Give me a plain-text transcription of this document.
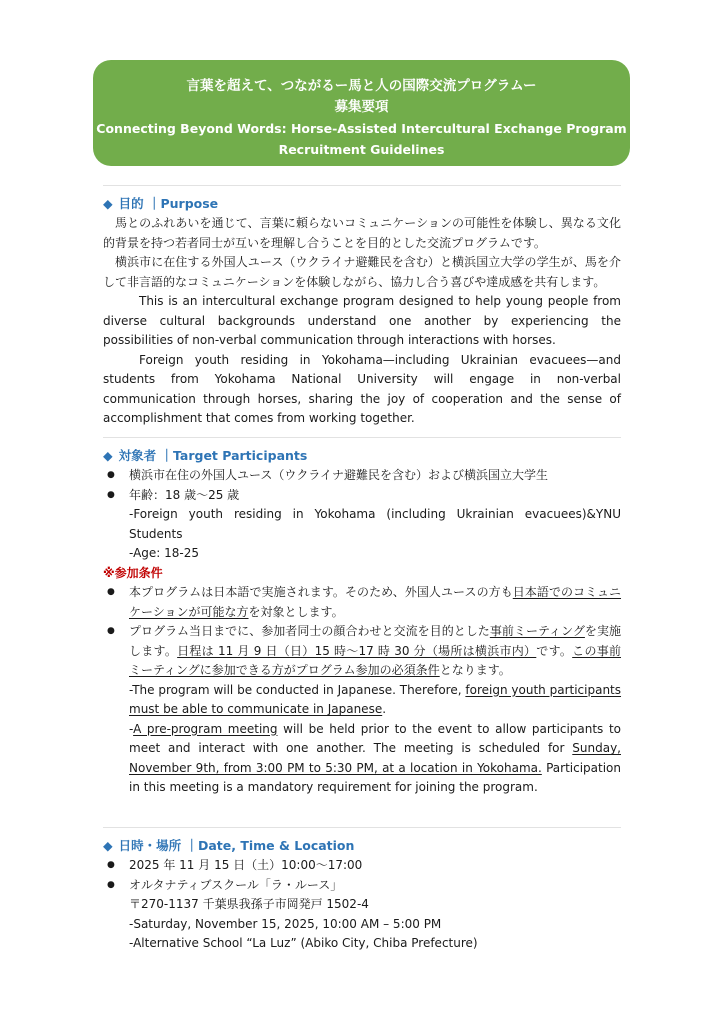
言葉を超えて、つながるー馬と人の国際交流プログラムー
募集要項
Connecting Beyond Words: Horse-Assisted Intercultural Exchange Program
Recruitment Guidelines
◆ 目的 ｜Purpose

馬とのふれあいを通じて、言葉に頼らないコミュニケーションの可能性を体験し、異なる文化的背景を持つ若者同士が互いを理解し合うことを目的とした交流プログラムです。

横浜市に在住する外国人ユース（ウクライナ避難民を含む）と横浜国立大学の学生が、馬を介して非言語的なコミュニケーションを体験しながら、協力し合う喜びや達成感を共有します。

This is an intercultural exchange program designed to help young people from diverse cultural backgrounds understand one another by experiencing the possibilities of non-verbal communication through interactions with horses.

Foreign youth residing in Yokohama—including Ukrainian evacuees—and students from Yokohama National University will engage in non-verbal communication through horses, sharing the joy of cooperation and the sense of accomplishment that comes from working together.

◆ 対象者 ｜Target Participants
● 横浜市在住の外国人ユース（ウクライナ避難民を含む）および横浜国立大学生
● 年齢：18 歳～25 歳
-Foreign youth residing in Yokohama (including Ukrainian evacuees)&YNU Students
-Age: 18-25
※参加条件
● 本プログラムは日本語で実施されます。そのため、外国人ユースの方も日本語でのコミュニケーションが可能な方を対象とします。
● プログラム当日までに、参加者同士の顔合わせと交流を目的とした事前ミーティングを実施します。日程は 11 月 9 日（日）15 時～17 時 30 分（場所は横浜市内）です。この事前ミーティングに参加できる方がプログラム参加の必須条件となります。
-The program will be conducted in Japanese. Therefore, foreign youth participants must be able to communicate in Japanese.
-A pre-program meeting will be held prior to the event to allow participants to meet and interact with one another. The meeting is scheduled for Sunday, November 9th, from 3:00 PM to 5:30 PM, at a location in Yokohama. Participation in this meeting is a mandatory requirement for joining the program.
◆ 日時・場所 ｜Date, Time & Location
● 2025 年 11 月 15 日（土）10:00～17:00
● オルタナティブスクール「ラ・ルース」
〒270-1137 千葉県我孫子市岡発戸 1502-4
-Saturday, November 15, 2025, 10:00 AM – 5:00 PM
-Alternative School “La Luz” (Abiko City, Chiba Prefecture)
